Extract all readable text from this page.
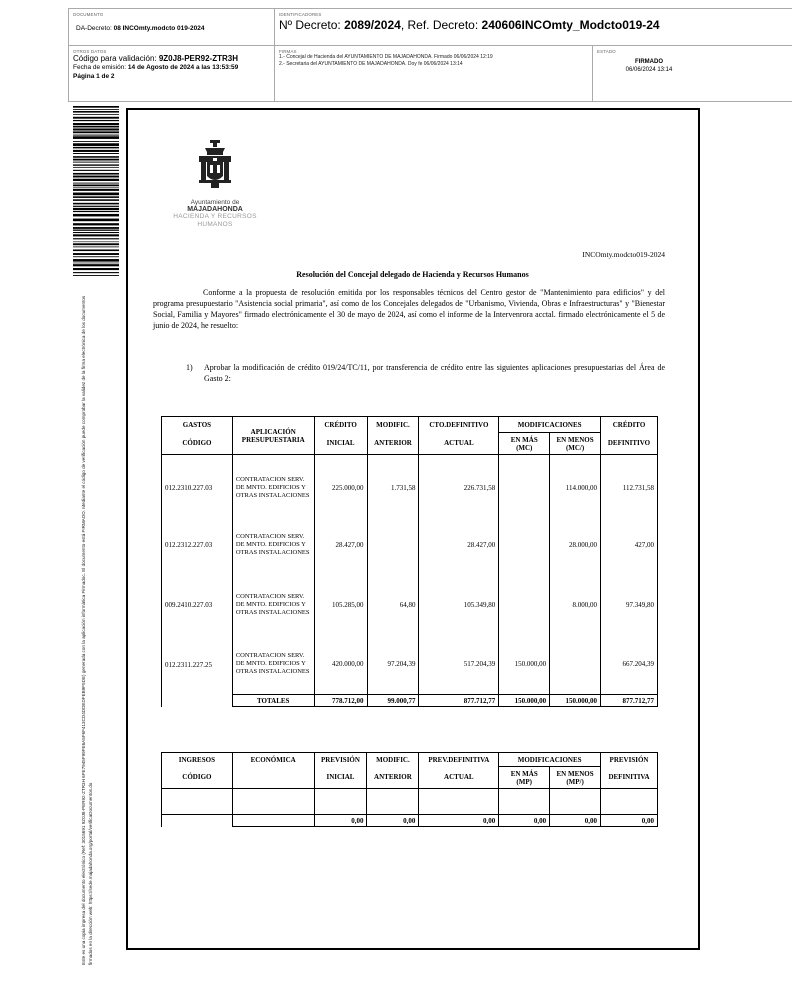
DOCUMENTO
DA-Decreto: 08 INCOmty.modcto 019-2024
IDENTIFICADORES
Nº Decreto: 2089/2024, Ref. Decreto: 240606INCOmty_Modcto019-24
OTROS DATOS
Código para validación: 9Z0J8-PER92-ZTR3H
Fecha de emisión: 14 de Agosto de 2024 a las 13:53:59
Página 1 de 2
FIRMAS
1.- Concejal de Hacienda del AYUNTAMIENTO DE MAJADAHONDA. Firmado 06/06/2024 12:19
2.- Secretaria del AYUNTAMIENTO DE MAJADAHONDA. Doy fe 06/06/2024 13:14
ESTADO
FIRMADO
06/06/2024 13:14
Este es una copia impresa del documento electrónico (Ref: 3015691 9Z0J8-PER92-ZTR3H 6FE7945F99FE6A5F6F413CD4DDEDFEB9F5DE) generada con la aplicación informática Firmadoc. El documento está FIRMADO. Mediante el código de verificación puede comprobar la validez de la firma electrónica de los documentos firmados en la dirección web: https://sede.majadahonda.org/portal/verificaDocumentos.do
Ayuntamiento de
MAJADAHONDA
HACIENDA Y RECURSOS
HUMANOS
INCOmty.modcto019-2024
Resolución del Concejal delegado de Hacienda y Recursos Humanos
Conforme a la propuesta de resolución emitida por los responsables técnicos del Centro gestor de "Mantenimiento para edificios" y del programa presupuestario "Asistencia social primaria", así como de los Concejales delegados de "Urbanismo, Vivienda, Obras e Infraestructuras" y "Bienestar Social, Familia y Mayores" firmado electrónicamente el 30 de mayo de 2024, así como el informe de la Intervenrora acctal. firmado electrónicamente el 5 de junio de 2024, he resuelto:
1) Aprobar la modificación de crédito 019/24/TC/11, por transferencia de crédito entre las siguientes aplicaciones presupuestarias del Área de Gasto 2:
GASTOS	APLICACIÓN PRESUPUESTARIA	CRÉDITO	MODIFIC.	CTO.DEFINITIVO	MODIFICACIONES		CRÉDITO
CÓDIGO		INICIAL	ANTERIOR	ACTUAL	EN MÁS (MC)	EN MENOS (MC/)	DEFINITIVO
012.2310.227.03	CONTRATACION SERV. DE MNTO. EDIFICIOS Y OTRAS INSTALACIONES	225.000,00	1.731,58	226.731,58		114.000,00	112.731,58
012.2312.227.03	CONTRATACION SERV. DE MNTO. EDIFICIOS Y OTRAS INSTALACIONES	28.427,00		28.427,00		28.000,00	427,00
009.2410.227.03	CONTRATACION SERV. DE MNTO. EDIFICIOS Y OTRAS INSTALACIONES	105.285,00	64,80	105.349,80		8.000,00	97.349,80
012.2311.227.25	CONTRATACION SERV. DE MNTO. EDIFICIOS Y OTRAS INSTALACIONES	420.000,00	97.204,39	517.204,39	150.000,00		667.204,39
	TOTALES	778.712,00	99.000,77	877.712,77	150.000,00	150.000,00	877.712,77
INGRESOS	ECONÓMICA	PREVISIÓN	MODIFIC.	PREV.DEFINITIVA	MODIFICACIONES		PREVISIÓN
CÓDIGO		INICIAL	ANTERIOR	ACTUAL	EN MÁS (MP)	EN MENOS (MP/)	DEFINITIVA

		0,00	0,00	0,00	0,00	0,00	0,00
